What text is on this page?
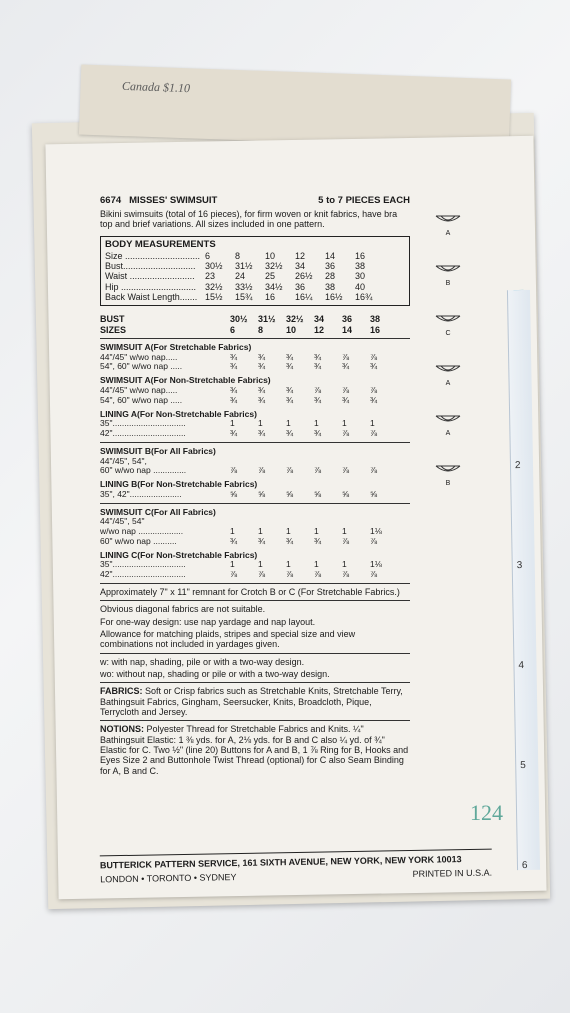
Canada $1.10
2
3
4
5
6
6674 MISSES' SWIMSUIT	5 to 7 PIECES EACH
Bikini swimsuits (total of 16 pieces), for firm woven or knit fabrics, have bra top and brief variations. All sizes included in one pattern.
BODY MEASUREMENTS
Size .............................. 6	8	10	12	14	16
Bust.............................	30½	31½	32½	34	36	38
Waist ..........................	23	24	25	26½	28	30
Hip .............................. 32½	33½	34½	36	38	40
Back Waist Length....... 15½	15¾	16	16¼	16½	16¾
BUST	30½	31½	32½	34	36	38
SIZES	6	8	10	12	14	16
SWIMSUIT A(For Stretchable Fabrics)
44"/45" w/wo nap.....	¾	¾	¾	¾	⅞	⅞
54", 60" w/wo nap .....	¾	¾	¾	¾	¾	¾
SWIMSUIT A(For Non-Stretchable Fabrics)
44"/45" w/wo nap.....	¾	¾	¾	⅞	⅞	⅞
54", 60" w/wo nap .....	¾	¾	¾	¾	¾	¾
LINING A(For Non-Stretchable Fabrics)
35"...............................	1	1	1	1	1	1
42"...............................	¾	¾	¾	¾	⅞	⅞
SWIMSUIT B(For All Fabrics)
44"/45", 54",
60" w/wo nap ..............	⅞	⅞	⅞	⅞	⅞	⅞
LINING B(For Non-Stretchable Fabrics)
35", 42"......................	⅝	⅝	⅝	⅝	⅝	⅝
SWIMSUIT C(For All Fabrics)
44"/45", 54"
w/wo nap ...................	1	1	1	1	1	1⅛
60" w/wo nap ..........	¾	¾	¾	¾	⅞	⅞
LINING C(For Non-Stretchable Fabrics)
35"...............................	1	1	1	1	1	1⅛
42"...............................	⅞	⅞	⅞	⅞	⅞	⅞
Approximately 7" x 11" remnant for Crotch B or C (For Stretchable Fabrics.)
Obvious diagonal fabrics are not suitable.
For one-way design: use nap yardage and nap layout.
Allowance for matching plaids, stripes and special size and view combinations not included in yardages given.
w: with nap, shading, pile or with a two-way design.
wo: without nap, shading or pile or with a two-way design.
FABRICS: Soft or Crisp fabrics such as Stretchable Knits, Stretchable Terry, Bathingsuit Fabrics, Gingham, Seersucker, Knits, Broadcloth, Pique, Terrycloth and Jersey.
NOTIONS: Polyester Thread for Stretchable Fabrics and Knits. ¼" Bathingsuit Elastic: 1 ⅜ yds. for A, 2⅛ yds. for B and C also ¼ yd. of ¾" Elastic for C. Two ½" (line 20) Buttons for A and B, 1 ⅞ Ring for B, Hooks and Eyes Size 2 and Buttonhole Twist Thread (optional) for C also Seam Binding for A, B and C.
A
B
C
A
A
B
124
BUTTERICK PATTERN SERVICE, 161 SIXTH AVENUE, NEW YORK, NEW YORK 10013
LONDON • TORONTO • SYDNEY	PRINTED IN U.S.A.
